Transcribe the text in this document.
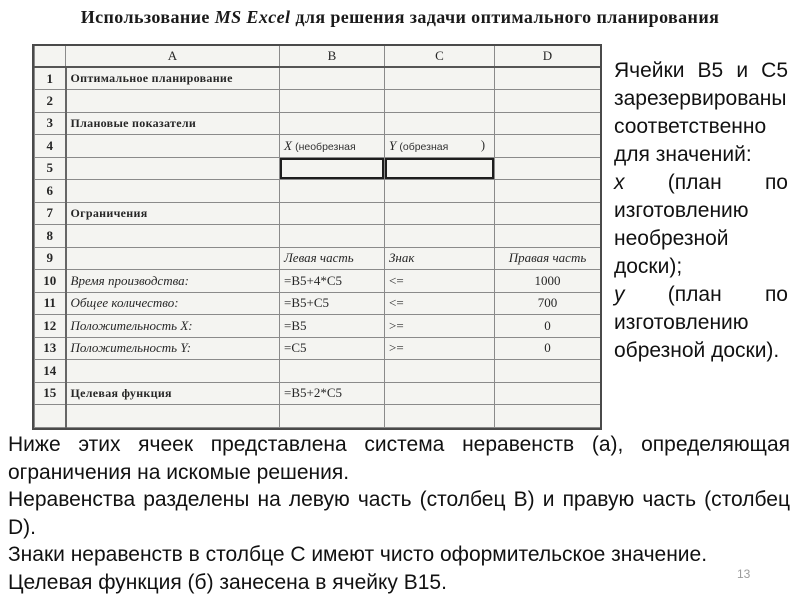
Использование MS Excel для решения задачи оптимального планирования
	A	B	C	D
1	Оптимальное планирование			
2				
3	Плановые показатели			
4		X (необрезная	Y (обрезная )	

5				
6				
7	Ограничения			
8				
9		Левая часть	Знак	Правая часть
10	Время производства:	=B5+4*C5	<=	1000
11	Общее количество:	=B5+C5	<=	700
12	Положительность X:	=B5	>=	0
13	Положительность Y:	=C5	>=	0
14				
15	Целевая функция	=B5+2*C5		

Ячейки B5 и C5 зарезервированы соответственно для значений:

x (план по изготовлению необрезной доски);

y (план по изготовлению обрезной доски).

Ниже этих ячеек представлена система неравенств (а), определяющая ограничения на искомые решения.

Неравенства разделены на левую часть (столбец B) и правую часть (столбец D).

Знаки неравенств в столбце C имеют чисто оформительское значение.

Целевая функция (б) занесена в ячейку B15.	13
